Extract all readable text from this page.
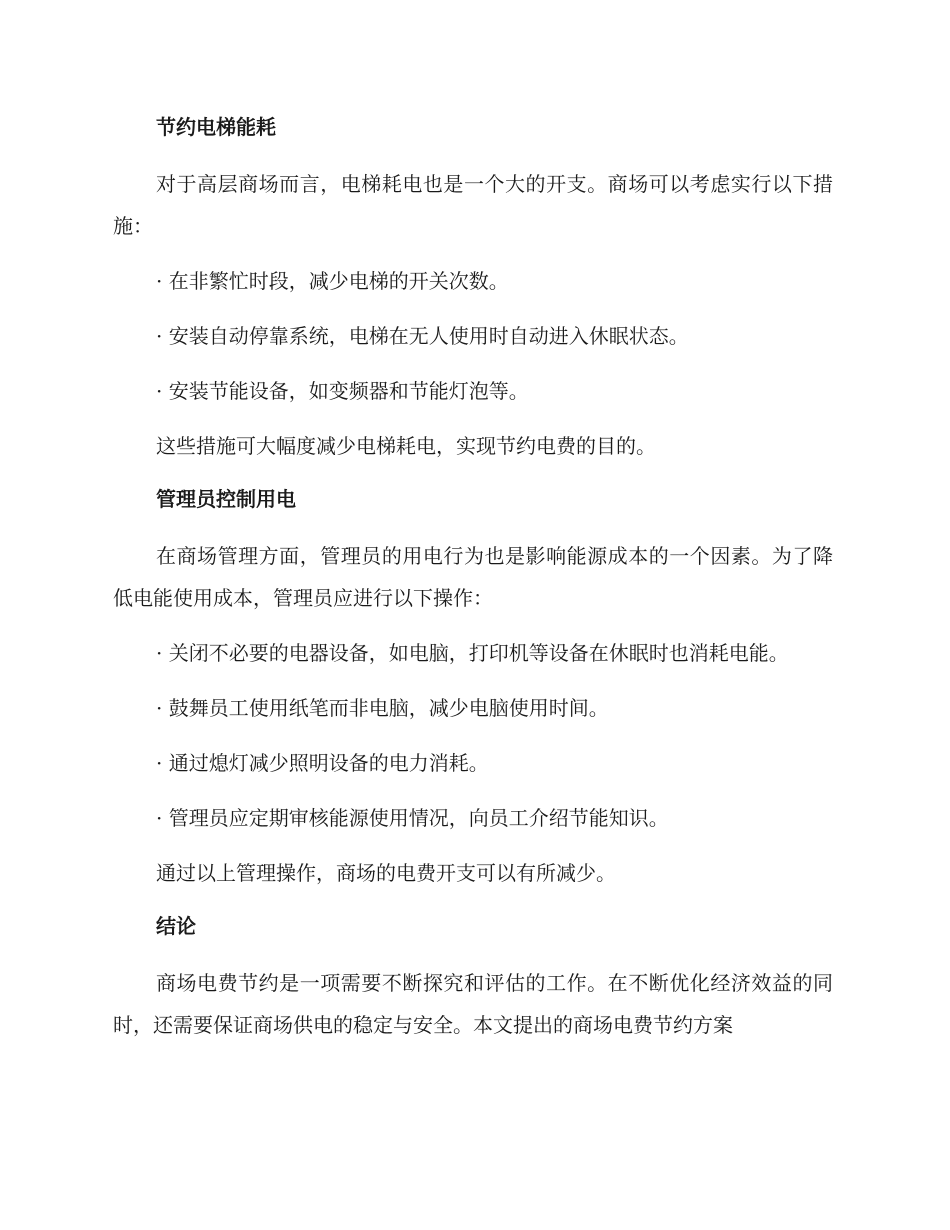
节约电梯能耗
对于高层商场而言，电梯耗电也是一个大的开支。商场可以考虑实行以下措施：
· 在非繁忙时段，减少电梯的开关次数。
· 安装自动停靠系统，电梯在无人使用时自动进入休眠状态。
· 安装节能设备，如变频器和节能灯泡等。
这些措施可大幅度减少电梯耗电，实现节约电费的目的。
管理员控制用电
在商场管理方面，管理员的用电行为也是影响能源成本的一个因素。为了降低电能使用成本，管理员应进行以下操作：
· 关闭不必要的电器设备，如电脑，打印机等设备在休眠时也消耗电能。
· 鼓舞员工使用纸笔而非电脑，减少电脑使用时间。
· 通过熄灯减少照明设备的电力消耗。
· 管理员应定期审核能源使用情况，向员工介绍节能知识。
通过以上管理操作，商场的电费开支可以有所减少。
结论
商场电费节约是一项需要不断探究和评估的工作。在不断优化经济效益的同时，还需要保证商场供电的稳定与安全。本文提出的商场电费节约方案
